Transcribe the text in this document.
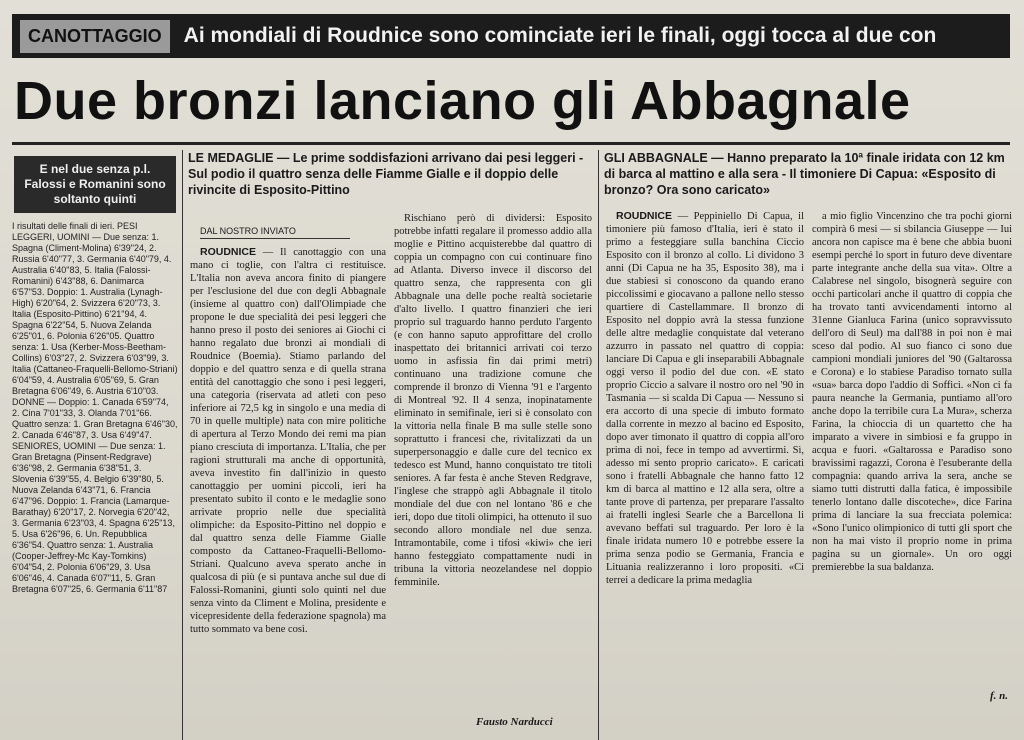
CANOTTAGGIO	Ai mondiali di Roudnice sono cominciate ieri le finali, oggi tocca al due con
Due bronzi lanciano gli Abbagnale
E nel due senza p.l. Falossi e Romanini sono soltanto quinti
I risultati delle finali di ieri. PESI LEGGERI, UOMINI — Due senza: 1. Spagna (Climent-Molina) 6'39"24, 2. Russia 6'40"77, 3. Germania 6'40"79, 4. Australia 6'40"83, 5. Italia (Falossi-Romanini) 6'43"88, 6. Danimarca 6'57"53. Doppio: 1. Australia (Lynagh-High) 6'20"64, 2. Svizzera 6'20"73, 3. Italia (Esposito-Pittino) 6'21"94, 4. Spagna 6'22"54, 5. Nuova Zelanda 6'25"01, 6. Polonia 6'26"05. Quattro senza: 1. Usa (Kerber-Moss-Beetham-Collins) 6'03"27, 2. Svizzera 6'03"99, 3. Italia (Cattaneo-Fraquelli-Bellomo-Striani) 6'04"59, 4. Australia 6'05"69, 5. Gran Bretagna 6'06"49, 6. Austria 6'10"03. DONNE — Doppio: 1. Canada 6'59"74, 2. Cina 7'01"33, 3. Olanda 7'01"66. Quattro senza: 1. Gran Bretagna 6'46"30, 2. Canada 6'46"87, 3. Usa 6'49"47. SENIORES, UOMINI — Due senza: 1. Gran Bretagna (Pinsent-Redgrave) 6'36"98, 2. Germania 6'38"51, 3. Slovenia 6'39"55, 4. Belgio 6'39"80, 5. Nuova Zelanda 6'43"71, 6. Francia 6'47"96. Doppio: 1. Francia (Lamarque-Barathay) 6'20"17, 2. Norvegia 6'20"42, 3. Germania 6'23"03, 4. Spagna 6'25"13, 5. Usa 6'26"96, 6. Un. Repubblica 6'36"54. Quattro senza: 1. Australia (Cooper-Jeffrey-Mc Kay-Tomkins) 6'04"54, 2. Polonia 6'06"29, 3. Usa 6'06"46, 4. Canada 6'07"11, 5. Gran Bretagna 6'07"25, 6. Germania 6'11"87
LE MEDAGLIE — Le prime soddisfazioni arrivano dai pesi leggeri - Sul podio il quattro senza delle Fiamme Gialle e il doppio delle rivincite di Esposito-Pittino
DAL NOSTRO INVIATO

ROUDNICE — Il canottaggio con una mano ci toglie, con l'altra ci restituisce. L'Italia non aveva ancora finito di piangere per l'esclusione del due con degli Abbagnale (insieme al quattro con) dall'Olimpiade che propone le due specialità dei pesi leggeri che hanno preso il posto dei seniores ai Giochi ci hanno regalato due bronzi ai mondiali di Roudnice (Boemia). Stiamo parlando del doppio e del quattro senza e di quella strana entità del canottaggio che sono i pesi leggeri, una categoria (riservata ad atleti con peso inferiore ai 72,5 kg in singolo e una media di 70 in quelle multiple) nata con mire politiche di apertura al Terzo Mondo dei remi ma pian piano cresciuta di importanza. L'Italia, che per ragioni strutturali ma anche di opportunità, aveva investito fin dall'inizio in questo canottaggio per uomini piccoli, ieri ha presentato subito il conto e le medaglie sono arrivate proprio nelle due specialità olimpiche: da Esposito-Pittino nel doppio e dal quattro senza delle Fiamme Gialle composto da Cattaneo-Fraquelli-Bellomo-Striani. Qualcuno aveva sperato anche in qualcosa di più (e si puntava anche sul due di Falossi-Romanini, giunti solo quinti nel due senza vinto da Climent e Molina, presidente e vicepresidente della federazione spagnola) ma tutto sommato va bene così.

Rischiano però di dividersi: Esposito potrebbe infatti regalare il promesso addio alla moglie e Pittino acquisterebbe dal quattro di coppia un compagno con cui continuare fino ad Atlanta. Diverso invece il discorso del quattro senza, che rappresenta con gli Abbagnale una delle poche realtà societarie d'alto livello. I quattro finanzieri che ieri proprio sul traguardo hanno perduto l'argento (e con hanno saputo approfittare del crollo inaspettato dei britannici arrivati coi terzo uomo in asfissia fin dai primi metri) continuano una tradizione comune che comprende il bronzo di Vienna '91 e l'argento di Montreal '92. Il 4 senza, inopinatamente eliminato in semifinale, ieri si è consolato con la vittoria nella finale B ma sulle stelle sono soprattutto i francesi che, rivitalizzati da un superpersonaggio e dalle cure del tecnico ex tedesco est Mund, hanno conquistato tre titoli seniores. A far festa è anche Steven Redgrave, l'inglese che strappò agli Abbagnale il titolo mondiale del due con nel lontano '86 e che ieri, dopo due titoli olimpici, ha ottenuto il suo secondo alloro mondiale nel due senza. Intramontabile, come i tifosi «kiwi» che ieri hanno festeggiato compattamente nudi in tribuna la vittoria neozelandese nel doppio femminile.

Fausto Narducci
GLI ABBAGNALE — Hanno preparato la 10ª finale iridata con 12 km di barca al mattino e alla sera - Il timoniere Di Capua: «Esposito di bronzo? Ora sono caricato»

ROUDNICE — Peppiniello Di Capua, il timoniere più famoso d'Italia, ieri è stato il primo a festeggiare sulla banchina Ciccio Esposito con il bronzo al collo. Li dividono 3 anni (Di Capua ne ha 35, Esposito 38), ma i due stabiesi si conoscono da quando erano piccolissimi e giocavano a pallone nello stesso quartiere di Castellammare. Il bronzo di Esposito nel doppio avrà la stessa funzione delle altre medaglie conquistate dal veterano azzurro in passato nel quattro di coppia: lanciare Di Capua e gli inseparabili Abbagnale oggi verso il podio del due con. «E stato proprio Ciccio a salvare il nostro oro nel '90 in Tasmania — si scalda Di Capua — Nessuno si era accorto di una specie di imbuto formato dalla corrente in mezzo al bacino ed Esposito, dopo aver timonato il quattro di coppia all'oro prima di noi, fece in tempo ad avvertirmi. Sì, adesso mi sento proprio caricato». E caricati sono i fratelli Abbagnale che hanno fatto 12 km di barca al mattino e 12 alla sera, oltre a tante prove di partenza, per preparare l'assalto ai fratelli inglesi Searle che a Barcellona li avevano beffati sul traguardo. Per loro è la finale iridata numero 10 e potrebbe essere la prima senza podio se Germania, Francia e Lituania realizzeranno i loro propositi. «Ci terrei a dedicare la prima medaglia

a mio figlio Vincenzino che tra pochi giorni compirà 6 mesi — si sbilancia Giuseppe — Iui ancora non capisce ma è bene che abbia buoni esempi perché lo sport in futuro deve diventare parte integrante anche della sua vita». Oltre a Calabrese nel singolo, bisognerà seguire con occhi particolari anche il quattro di coppia che ha trovato tanti avvicendamenti intorno al 31enne Gianluca Farina (unico sopravvissuto dell'oro di Seul) ma dall'88 in poi non è mai sceso dal podio. Al suo fianco ci sono due campioni mondiali juniores del '90 (Galtarossa e Corona) e lo stabiese Paradiso tornato sulla «sua» barca dopo l'addio di Soffici. «Non ci fa paura neanche la Germania, puntiamo all'oro anche dopo la terribile cura La Mura», scherza Farina, la chioccia di un quartetto che ha imparato a vivere in simbiosi e fa gruppo in acqua e fuori. «Galtarossa e Paradiso sono bravissimi ragazzi, Corona è l'esuberante della compagnia: quando arriva la sera, anche se siamo tutti distrutti dalla fatica, è impossibile tenerlo lontano dalle discoteche», dice Farina prima di lanciare la sua frecciata polemica: «Sono l'unico olimpionico di tutti gli sport che non ha mai visto il proprio nome in prima pagina su un giornale». Un oro oggi premierebbe la sua baldanza.

f. n.
